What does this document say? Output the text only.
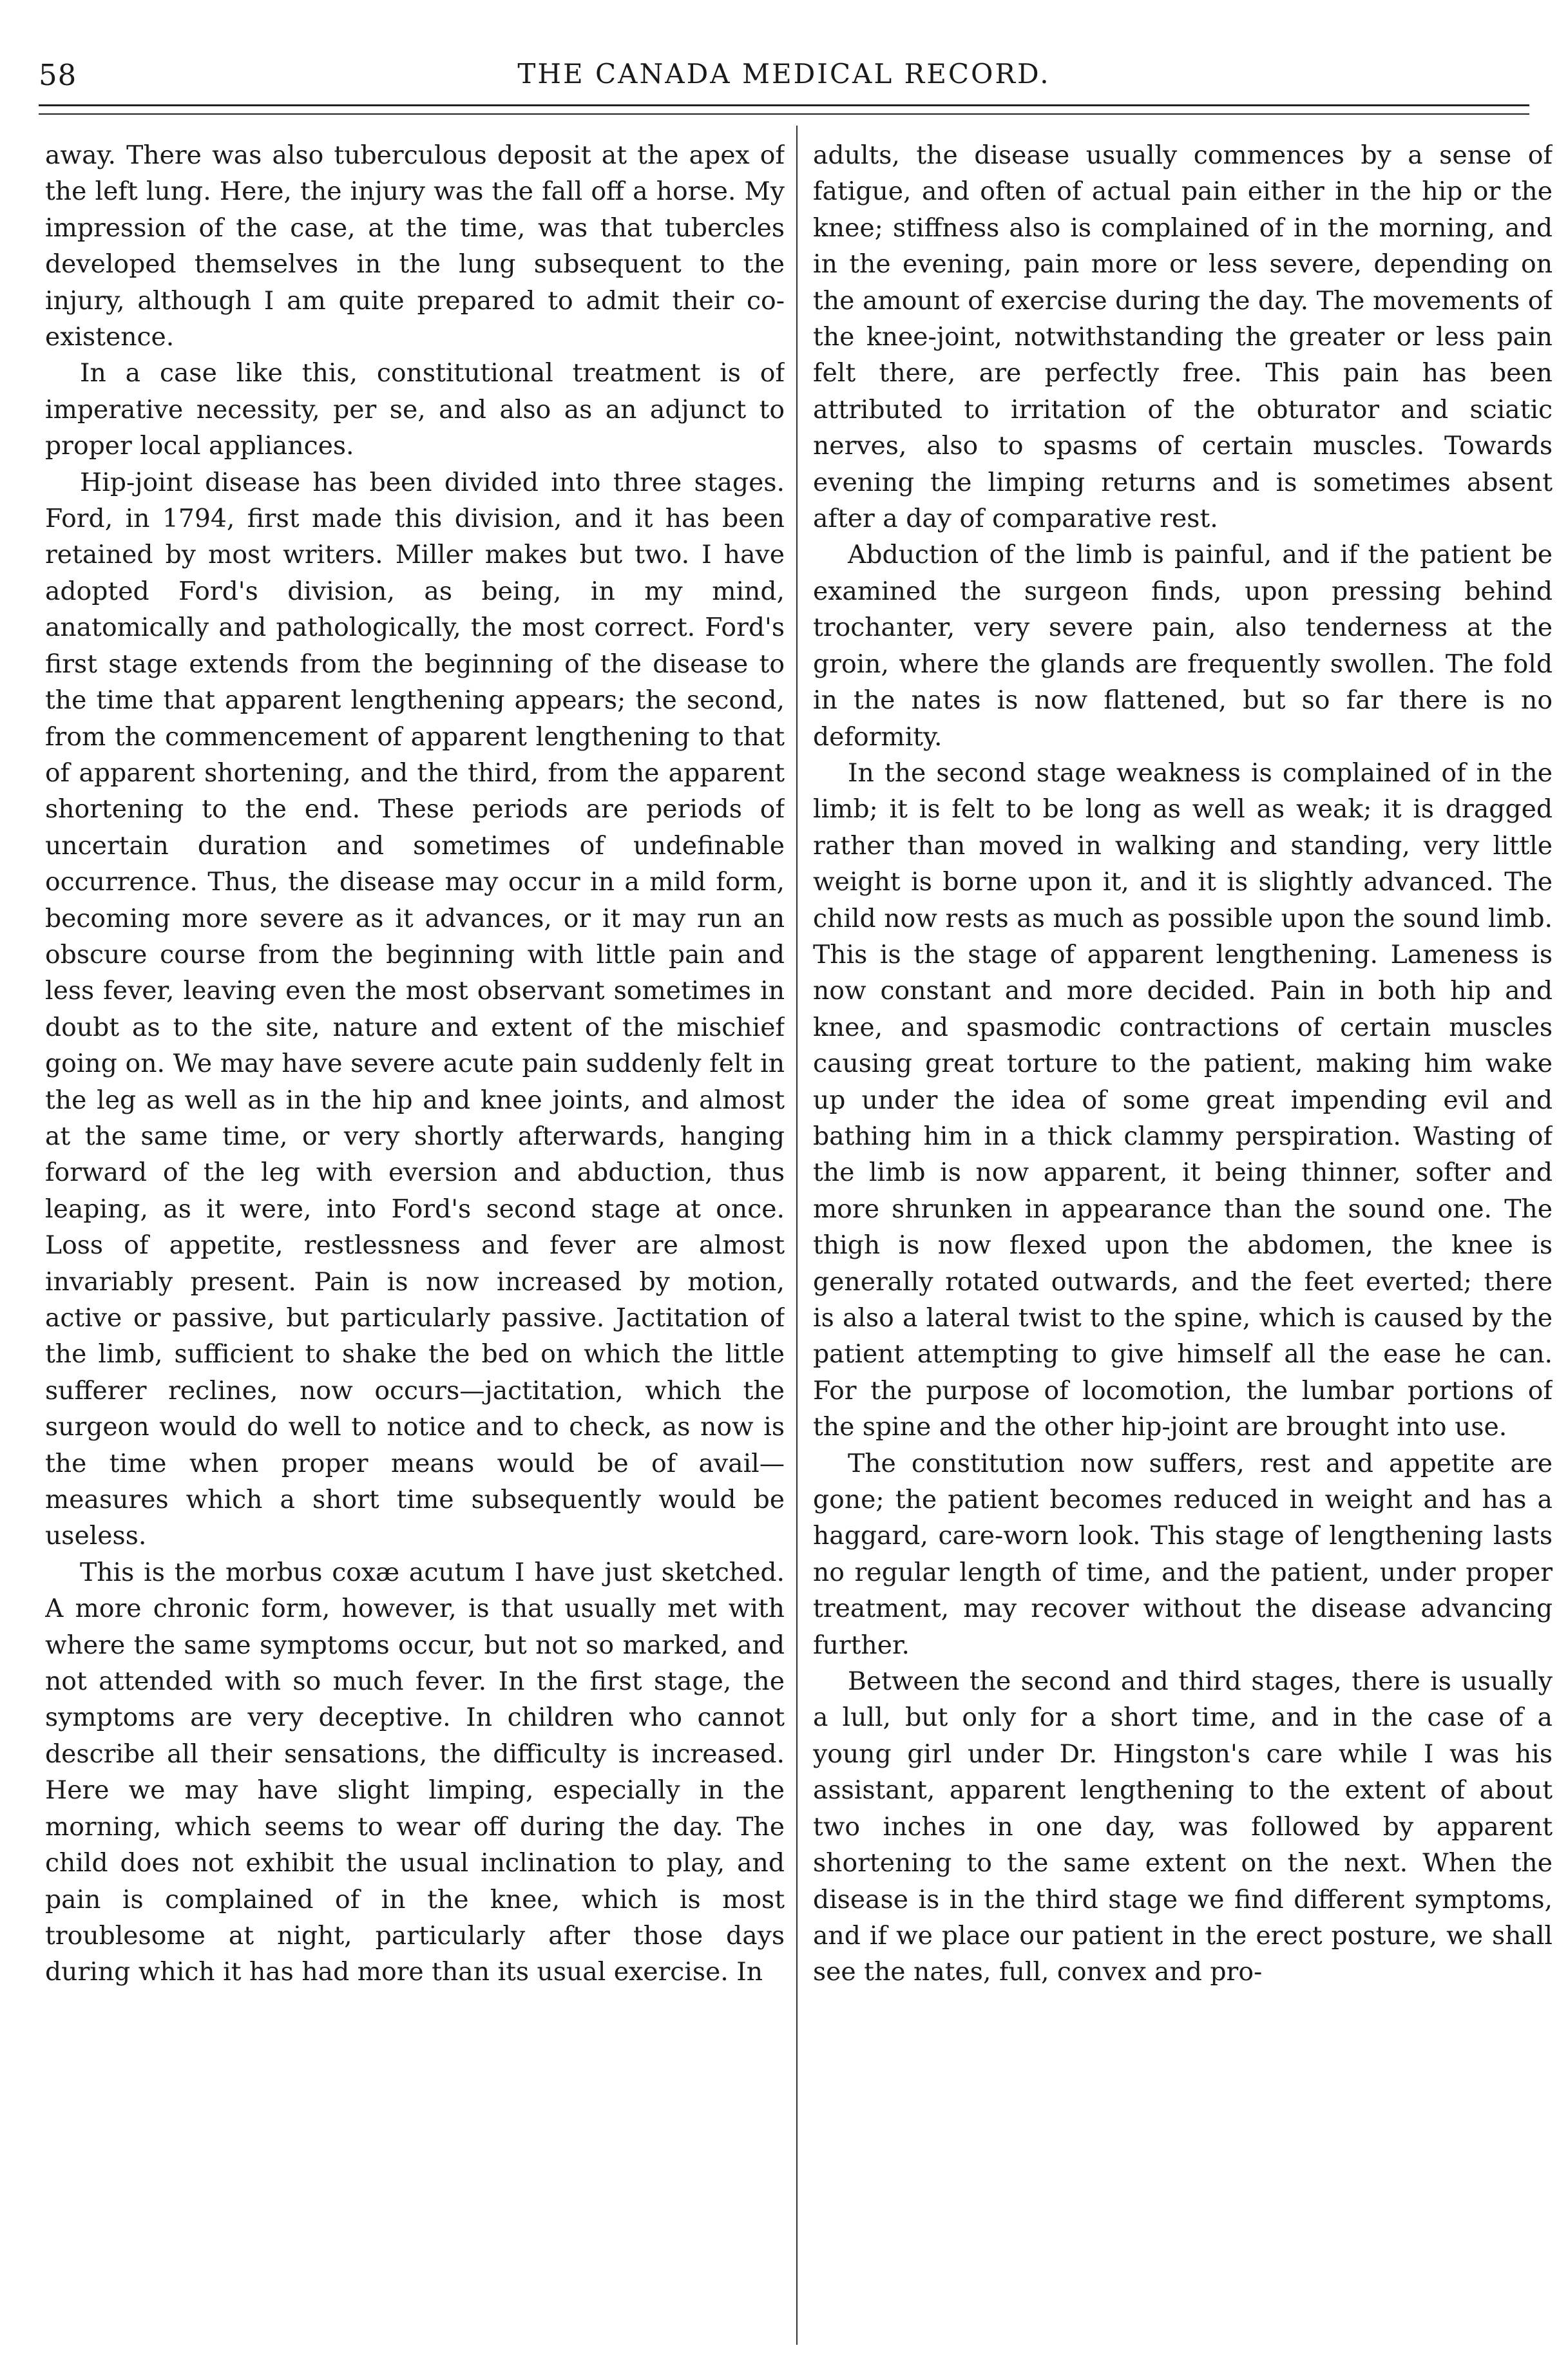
58	THE CANADA MEDICAL RECORD.

away. There was also tuberculous deposit at the apex of the left lung. Here, the injury was the fall off a horse. My impression of the case, at the time, was that tubercles developed themselves in the lung subsequent to the injury, although I am quite prepared to admit their co-existence.

In a case like this, constitutional treatment is of imperative necessity, per se, and also as an adjunct to proper local appliances.

Hip-joint disease has been divided into three stages. Ford, in 1794, first made this division, and it has been retained by most writers. Miller makes but two. I have adopted Ford's division, as being, in my mind, anatomically and pathologically, the most correct. Ford's first stage extends from the beginning of the disease to the time that apparent lengthening appears; the second, from the commencement of apparent lengthening to that of apparent shortening, and the third, from the apparent shortening to the end. These periods are periods of uncertain duration and sometimes of undefinable occurrence. Thus, the disease may occur in a mild form, becoming more severe as it advances, or it may run an obscure course from the beginning with little pain and less fever, leaving even the most observant sometimes in doubt as to the site, nature and extent of the mischief going on. We may have severe acute pain suddenly felt in the leg as well as in the hip and knee joints, and almost at the same time, or very shortly afterwards, hanging forward of the leg with eversion and abduction, thus leaping, as it were, into Ford's second stage at once. Loss of appetite, restlessness and fever are almost invariably present. Pain is now increased by motion, active or passive, but particularly passive. Jactitation of the limb, sufficient to shake the bed on which the little sufferer reclines, now occurs—jactitation, which the surgeon would do well to notice and to check, as now is the time when proper means would be of avail—measures which a short time subsequently would be useless.

This is the morbus coxæ acutum I have just sketched. A more chronic form, however, is that usually met with where the same symptoms occur, but not so marked, and not attended with so much fever. In the first stage, the symptoms are very deceptive. In children who cannot describe all their sensations, the difficulty is increased. Here we may have slight limping, especially in the morning, which seems to wear off during the day. The child does not exhibit the usual inclination to play, and pain is complained of in the knee, which is most troublesome at night, particularly after those days during which it has had more than its usual exercise. In

adults, the disease usually commences by a sense of fatigue, and often of actual pain either in the hip or the knee; stiffness also is complained of in the morning, and in the evening, pain more or less severe, depending on the amount of exercise during the day. The movements of the knee-joint, notwithstanding the greater or less pain felt there, are perfectly free. This pain has been attributed to irritation of the obturator and sciatic nerves, also to spasms of certain muscles. Towards evening the limping returns and is sometimes absent after a day of comparative rest.

Abduction of the limb is painful, and if the patient be examined the surgeon finds, upon pressing behind trochanter, very severe pain, also tenderness at the groin, where the glands are frequently swollen. The fold in the nates is now flattened, but so far there is no deformity.

In the second stage weakness is complained of in the limb; it is felt to be long as well as weak; it is dragged rather than moved in walking and standing, very little weight is borne upon it, and it is slightly advanced. The child now rests as much as possible upon the sound limb. This is the stage of apparent lengthening. Lameness is now constant and more decided. Pain in both hip and knee, and spasmodic contractions of certain muscles causing great torture to the patient, making him wake up under the idea of some great impending evil and bathing him in a thick clammy perspiration. Wasting of the limb is now apparent, it being thinner, softer and more shrunken in appearance than the sound one. The thigh is now flexed upon the abdomen, the knee is generally rotated outwards, and the feet everted; there is also a lateral twist to the spine, which is caused by the patient attempting to give himself all the ease he can. For the purpose of locomotion, the lumbar portions of the spine and the other hip-joint are brought into use.

The constitution now suffers, rest and appetite are gone; the patient becomes reduced in weight and has a haggard, care-worn look. This stage of lengthening lasts no regular length of time, and the patient, under proper treatment, may recover without the disease advancing further.

Between the second and third stages, there is usually a lull, but only for a short time, and in the case of a young girl under Dr. Hingston's care while I was his assistant, apparent lengthening to the extent of about two inches in one day, was followed by apparent shortening to the same extent on the next. When the disease is in the third stage we find different symptoms, and if we place our patient in the erect posture, we shall see the nates, full, convex and pro-
